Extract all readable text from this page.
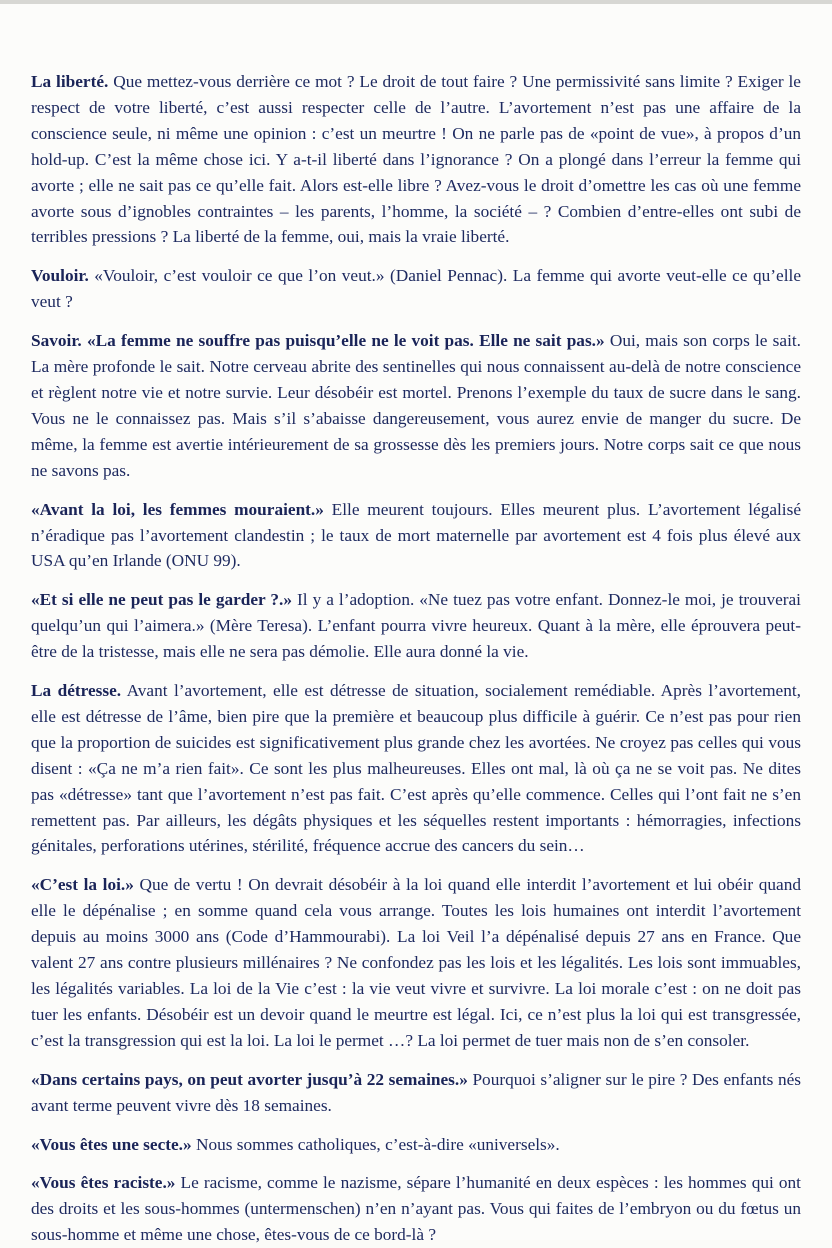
La liberté. Que mettez-vous derrière ce mot ? Le droit de tout faire ? Une permissivité sans limite ? Exiger le respect de votre liberté, c’est aussi respecter celle de l’autre. L’avortement n’est pas une affaire de la conscience seule, ni même une opinion : c’est un meurtre ! On ne parle pas de «point de vue», à propos d’un hold-up. C’est la même chose ici. Y a-t-il liberté dans l’ignorance ? On a plongé dans l’erreur la femme qui avorte ; elle ne sait pas ce qu’elle fait. Alors est-elle libre ? Avez-vous le droit d’omettre les cas où une femme avorte sous d’ignobles contraintes – les parents, l’homme, la société – ? Combien d’entre-elles ont subi de terribles pressions ? La liberté de la femme, oui, mais la vraie liberté.

Vouloir. «Vouloir, c’est vouloir ce que l’on veut.» (Daniel Pennac). La femme qui avorte veut-elle ce qu’elle veut ?

Savoir. «La femme ne souffre pas puisqu’elle ne le voit pas. Elle ne sait pas.» Oui, mais son corps le sait. La mère profonde le sait. Notre cerveau abrite des sentinelles qui nous connaissent au-delà de notre conscience et règlent notre vie et notre survie. Leur désobéir est mortel. Prenons l’exemple du taux de sucre dans le sang. Vous ne le connaissez pas. Mais s’il s’abaisse dangereusement, vous aurez envie de manger du sucre. De même, la femme est avertie intérieurement de sa grossesse dès les premiers jours. Notre corps sait ce que nous ne savons pas.

«Avant la loi, les femmes mouraient.» Elle meurent toujours. Elles meurent plus. L’avortement légalisé n’éradique pas l’avortement clandestin ; le taux de mort maternelle par avortement est 4 fois plus élevé aux USA qu’en Irlande (ONU 99).

«Et si elle ne peut pas le garder ?.» Il y a l’adoption. «Ne tuez pas votre enfant. Donnez-le moi, je trouverai quelqu’un qui l’aimera.» (Mère Teresa). L’enfant pourra vivre heureux. Quant à la mère, elle éprouvera peut-être de la tristesse, mais elle ne sera pas démolie. Elle aura donné la vie.

La détresse. Avant l’avortement, elle est détresse de situation, socialement remédiable. Après l’avortement, elle est détresse de l’âme, bien pire que la première et beaucoup plus difficile à guérir. Ce n’est pas pour rien que la proportion de suicides est significativement plus grande chez les avortées. Ne croyez pas celles qui vous disent : «Ça ne m’a rien fait». Ce sont les plus malheureuses. Elles ont mal, là où ça ne se voit pas. Ne dites pas «détresse» tant que l’avortement n’est pas fait. C’est après qu’elle commence. Celles qui l’ont fait ne s’en remettent pas. Par ailleurs, les dégâts physiques et les séquelles restent importants : hémorragies, infections génitales, perforations utérines, stérilité, fréquence accrue des cancers du sein…

«C’est la loi.» Que de vertu ! On devrait désobéir à la loi quand elle interdit l’avortement et lui obéir quand elle le dépénalise ; en somme quand cela vous arrange. Toutes les lois humaines ont interdit l’avortement depuis au moins 3000 ans (Code d’Hammourabi). La loi Veil l’a dépénalisé depuis 27 ans en France. Que valent 27 ans contre plusieurs millénaires ? Ne confondez pas les lois et les légalités. Les lois sont immuables, les légalités variables. La loi de la Vie c’est : la vie veut vivre et survivre. La loi morale c’est : on ne doit pas tuer les enfants. Désobéir est un devoir quand le meurtre est légal. Ici, ce n’est plus la loi qui est transgressée, c’est la transgression qui est la loi. La loi le permet …? La loi permet de tuer mais non de s’en consoler.

«Dans certains pays, on peut avorter jusqu’à 22 semaines.» Pourquoi s’aligner sur le pire ? Des enfants nés avant terme peuvent vivre dès 18 semaines.

«Vous êtes une secte.» Nous sommes catholiques, c’est-à-dire «universels».

«Vous êtes raciste.» Le racisme, comme le nazisme, sépare l’humanité en deux espèces : les hommes qui ont des droits et les sous-hommes (untermenschen) n’en n’ayant pas. Vous qui faites de l’embryon ou du fœtus un sous-homme et même une chose, êtes-vous de ce bord-là ?
